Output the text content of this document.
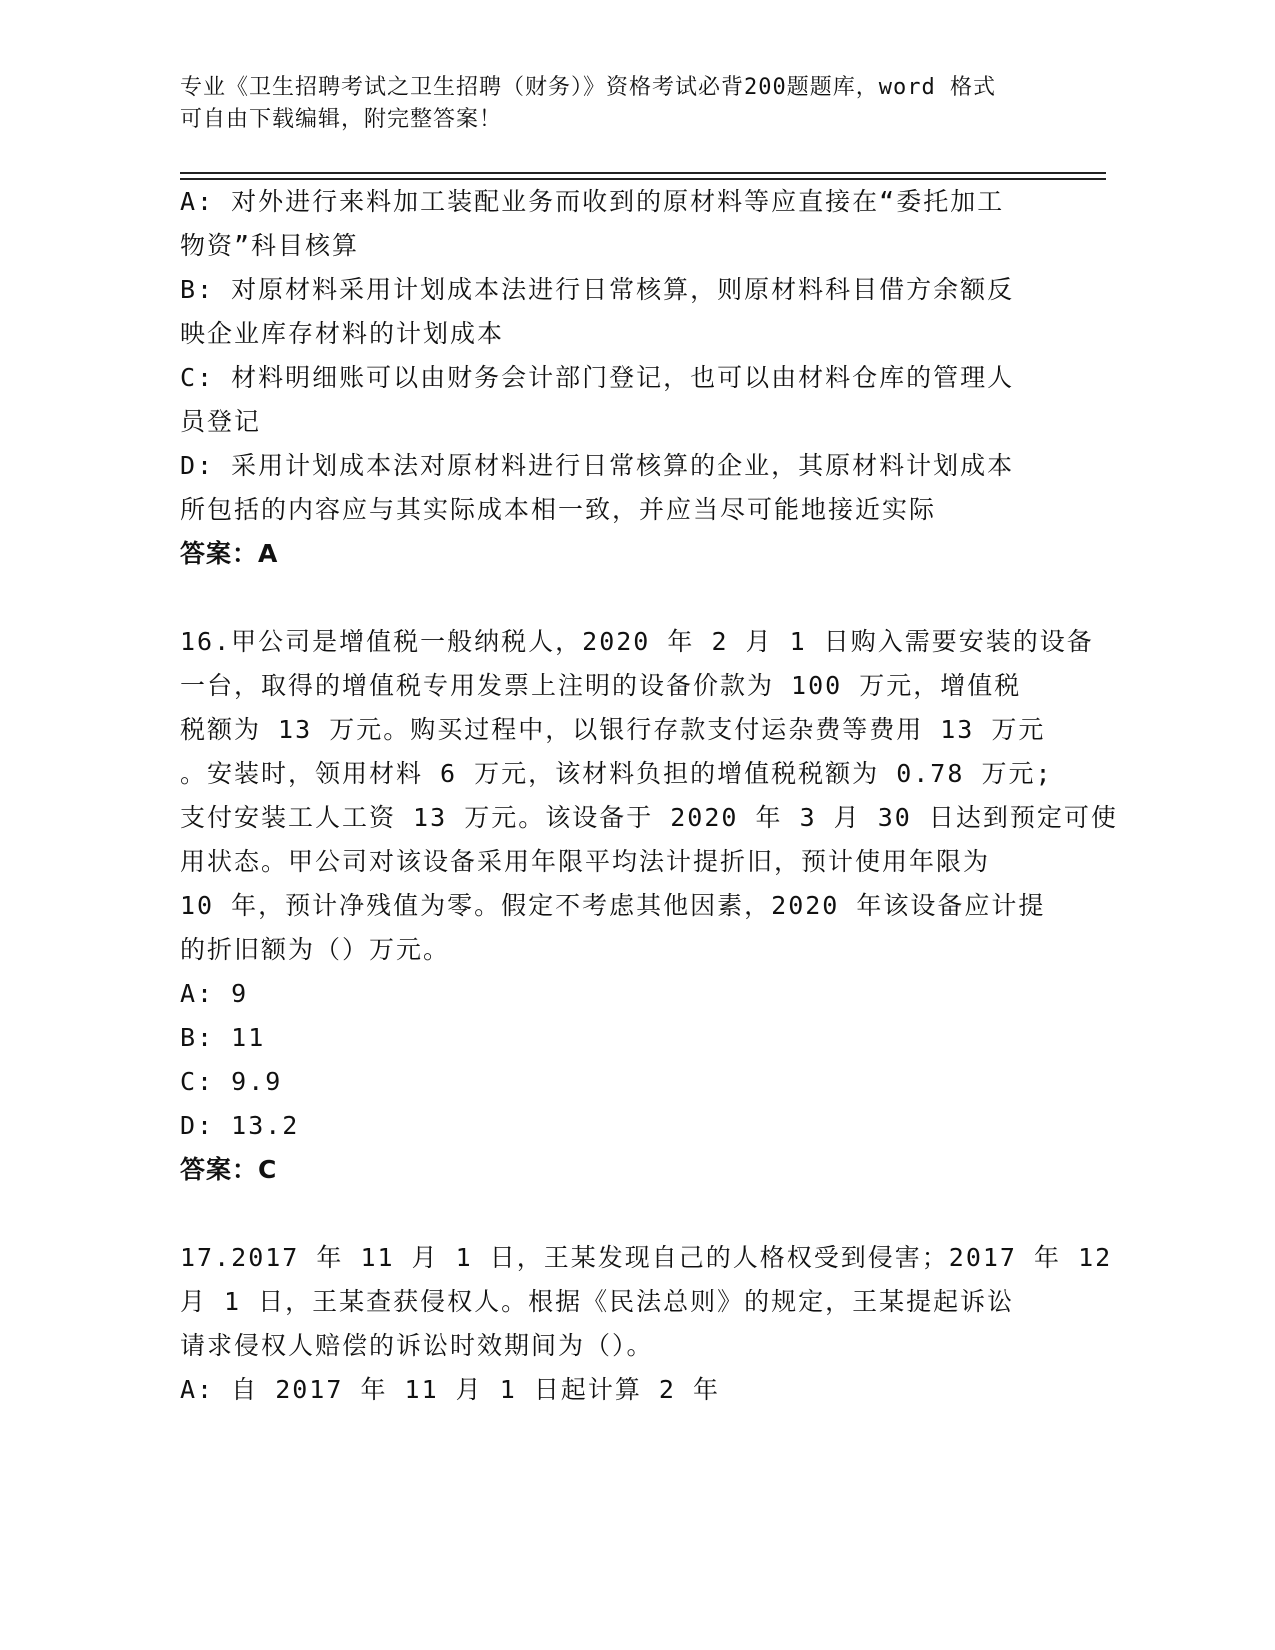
专业《卫生招聘考试之卫生招聘（财务）》资格考试必背200题题库，word 格式
可自由下载编辑，附完整答案！
A: 对外进行来料加工装配业务而收到的原材料等应直接在“委托加工
物资”科目核算
B: 对原材料采用计划成本法进行日常核算，则原材料科目借方余额反
映企业库存材料的计划成本
C: 材料明细账可以由财务会计部门登记，也可以由材料仓库的管理人
员登记
D: 采用计划成本法对原材料进行日常核算的企业，其原材料计划成本
所包括的内容应与其实际成本相一致，并应当尽可能地接近实际
答案：A
16.甲公司是增值税一般纳税人，2020 年 2 月 1 日购入需要安装的设备
一台，取得的增值税专用发票上注明的设备价款为 100 万元，增值税
税额为 13 万元。购买过程中，以银行存款支付运杂费等费用 13 万元
。安装时，领用材料 6 万元，该材料负担的增值税税额为 0.78 万元;
支付安装工人工资 13 万元。该设备于 2020 年 3 月 30 日达到预定可使
用状态。甲公司对该设备采用年限平均法计提折旧，预计使用年限为
10 年，预计净残值为零。假定不考虑其他因素，2020 年该设备应计提
的折旧额为（）万元。
A: 9
B: 11
C: 9.9
D: 13.2
答案：C
17.2017 年 11 月 1 日，王某发现自己的人格权受到侵害；2017 年 12
月 1 日，王某查获侵权人。根据《民法总则》的规定，王某提起诉讼
请求侵权人赔偿的诉讼时效期间为（）。
A: 自 2017 年 11 月 1 日起计算 2 年
